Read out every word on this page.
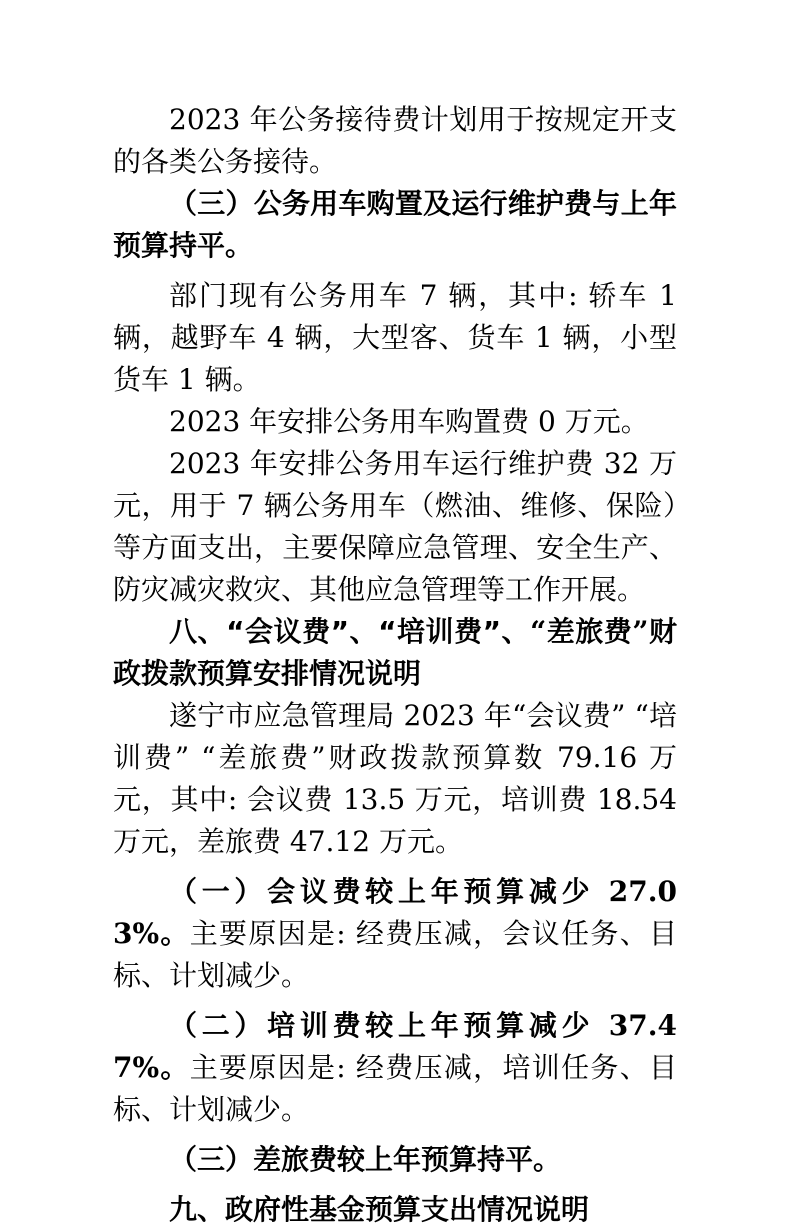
2023 年公务接待费计划用于按规定开支的各类公务接待。

（三）公务用车购置及运行维护费与上年预算持平。

部门现有公务用车 7 辆，其中: 轿车 1 辆，越野车 4 辆，大型客、货车 1 辆，小型货车 1 辆。

2023 年安排公务用车购置费 0 万元。

2023 年安排公务用车运行维护费 32 万元，用于 7 辆公务用车（燃油、维修、保险）等方面支出，主要保障应急管理、安全生产、防灾减灾救灾、其他应急管理等工作开展。

八、“会议费”、“培训费”、“差旅费”财政拨款预算安排情况说明

遂宁市应急管理局 2023 年“会议费” “培训费” “差旅费”财政拨款预算数 79.16 万元，其中: 会议费 13.5 万元，培训费 18.54 万元，差旅费 47.12 万元。

（一）会议费较上年预算减少 27.03%。主要原因是: 经费压减，会议任务、目标、计划减少。

（二）培训费较上年预算减少 37.47%。主要原因是: 经费压减，培训任务、目标、计划减少。

（三）差旅费较上年预算持平。

九、政府性基金预算支出情况说明
